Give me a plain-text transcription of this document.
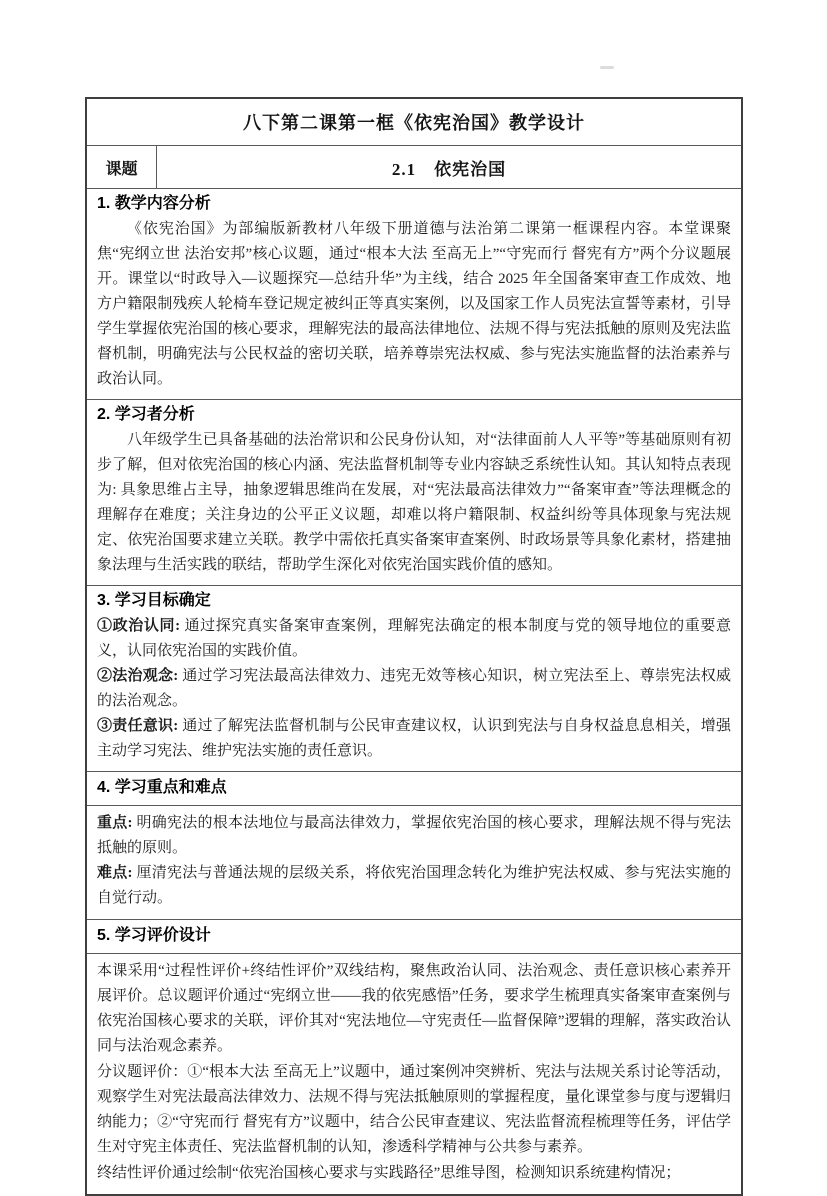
八下第二课第一框《依宪治国》教学设计
课题	2.1　依宪治国
1. 教学内容分析

《依宪治国》为部编版新教材八年级下册道德与法治第二课第一框课程内容。本堂课聚焦“宪纲立世 法治安邦”核心议题，通过“根本大法 至高无上”“守宪而行 督宪有方”两个分议题展开。课堂以“时政导入—议题探究—总结升华”为主线，结合 2025 年全国备案审查工作成效、地方户籍限制残疾人轮椅车登记规定被纠正等真实案例，以及国家工作人员宪法宣誓等素材，引导学生掌握依宪治国的核心要求，理解宪法的最高法律地位、法规不得与宪法抵触的原则及宪法监督机制，明确宪法与公民权益的密切关联，培养尊崇宪法权威、参与宪法实施监督的法治素养与政治认同。

2. 学习者分析

八年级学生已具备基础的法治常识和公民身份认知，对“法律面前人人平等”等基础原则有初步了解，但对依宪治国的核心内涵、宪法监督机制等专业内容缺乏系统性认知。其认知特点表现为: 具象思维占主导，抽象逻辑思维尚在发展，对“宪法最高法律效力”“备案审查”等法理概念的理解存在难度；关注身边的公平正义议题，却难以将户籍限制、权益纠纷等具体现象与宪法规定、依宪治国要求建立关联。教学中需依托真实备案审查案例、时政场景等具象化素材，搭建抽象法理与生活实践的联结，帮助学生深化对依宪治国实践价值的感知。

3. 学习目标确定

①政治认同: 通过探究真实备案审查案例，理解宪法确定的根本制度与党的领导地位的重要意义，认同依宪治国的实践价值。

②法治观念: 通过学习宪法最高法律效力、违宪无效等核心知识，树立宪法至上、尊崇宪法权威的法治观念。

③责任意识: 通过了解宪法监督机制与公民审查建议权，认识到宪法与自身权益息息相关，增强主动学习宪法、维护宪法实施的责任意识。

4. 学习重点和难点

重点: 明确宪法的根本法地位与最高法律效力，掌握依宪治国的核心要求，理解法规不得与宪法抵触的原则。

难点: 厘清宪法与普通法规的层级关系，将依宪治国理念转化为维护宪法权威、参与宪法实施的自觉行动。

5. 学习评价设计

本课采用“过程性评价+终结性评价”双线结构，聚焦政治认同、法治观念、责任意识核心素养开展评价。总议题评价通过“宪纲立世——我的依宪感悟”任务，要求学生梳理真实备案审查案例与依宪治国核心要求的关联，评价其对“宪法地位—守宪责任—监督保障”逻辑的理解，落实政治认同与法治观念素养。

分议题评价：①“根本大法 至高无上”议题中，通过案例冲突辨析、宪法与法规关系讨论等活动，观察学生对宪法最高法律效力、法规不得与宪法抵触原则的掌握程度，量化课堂参与度与逻辑归纳能力；②“守宪而行 督宪有方”议题中，结合公民审查建议、宪法监督流程梳理等任务，评估学生对守宪主体责任、宪法监督机制的认知，渗透科学精神与公共参与素养。

终结性评价通过绘制“依宪治国核心要求与实践路径”思维导图，检测知识系统建构情况；
